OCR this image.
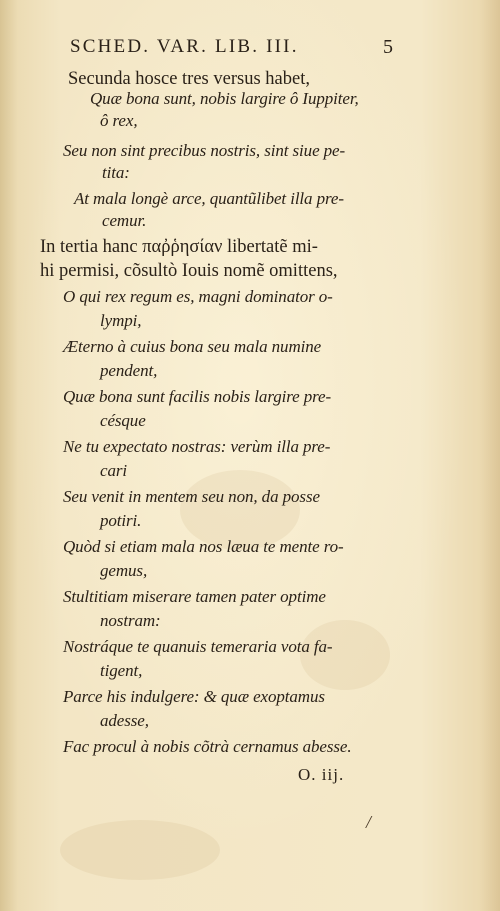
SCHED. VAR. LIB. III.	5
Secunda hosce tres versus habet,
Quæ bona sunt, nobis largire ô Iuppiter,
ô rex,
Seu non sint precibus nostris, sint siue pe-
tita:
At mala longè arce, quantũlibet illa pre-
cemur.
In tertia hanc παῤῥησίαν libertatẽ mi-
hi permisi, cõsultò Iouis nomẽ omittens,
O qui rex regum es, magni dominator o-
lympi,
Æterno à cuius bona seu mala numine
pendent,
Quæ bona sunt facilis nobis largire pre-
césque
Ne tu expectato nostras: verùm illa pre-
cari
Seu venit in mentem seu non, da posse
potiri.
Quòd si etiam mala nos læua te mente ro-
gemus,
Stultitiam miserare tamen pater optime
nostram:
Nostráque te quanuis temeraria vota fa-
tigent,
Parce his indulgere: & quæ exoptamus
adesse,
Fac procul à nobis cõtrà cernamus abesse.
O. iij.
/
